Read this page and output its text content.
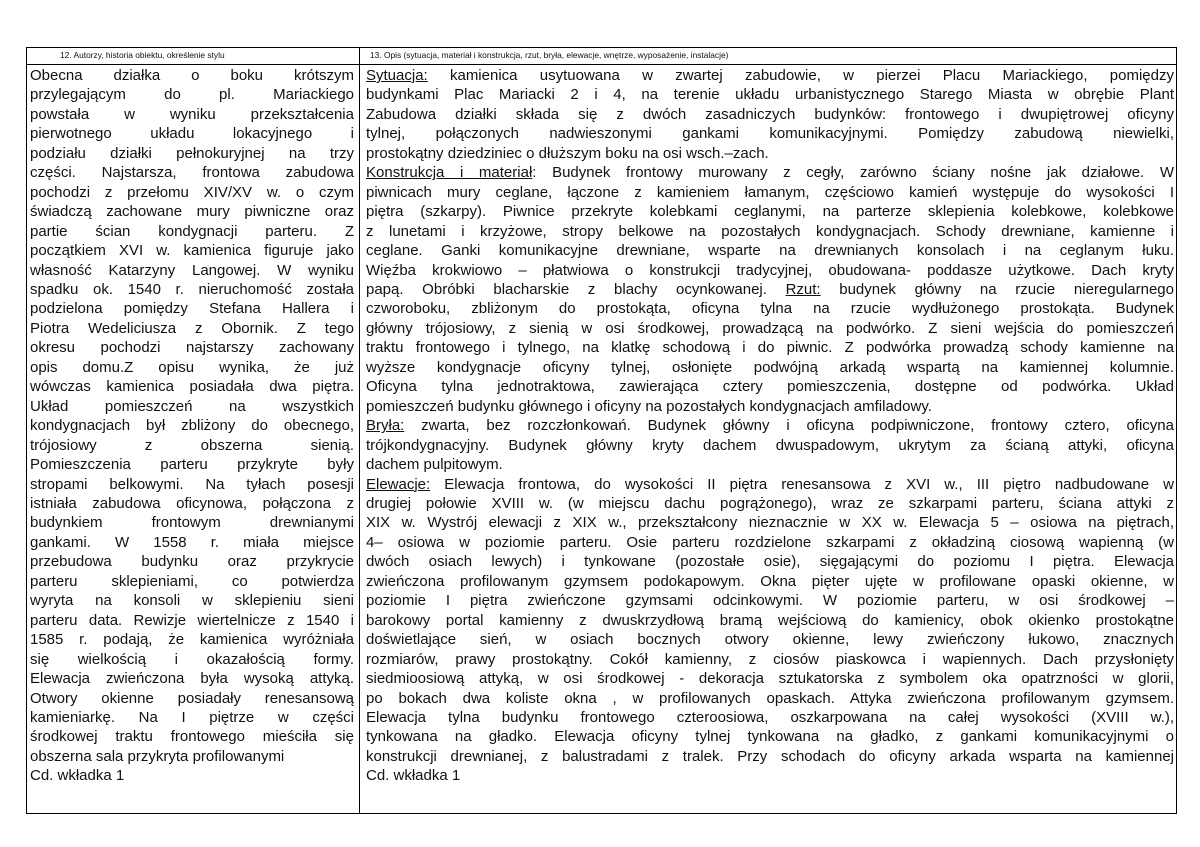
12. Autorzy, historia obiektu, określenie stylu	13. Opis (sytuacja, materiał i konstrukcja, rzut, bryła, elewacje, wnętrze, wyposażenie, instalacje)
Obecna działka o boku krótszym
przylegającym do pl. Mariackiego
powstała w wyniku przekształcenia
pierwotnego układu lokacyjnego i
podziału działki pełnokuryjnej na trzy
części. Najstarsza, frontowa zabudowa
pochodzi z przełomu XIV/XV w. o czym
świadczą zachowane mury piwniczne oraz
partie ścian kondygnacji parteru. Z
początkiem XVI w. kamienica figuruje jako
własność Katarzyny Langowej. W wyniku
spadku ok. 1540 r. nieruchomość została
podzielona pomiędzy Stefana Hallera i
Piotra Wedeliciusza z Obornik. Z tego
okresu pochodzi najstarszy zachowany
opis domu.Z opisu wynika, że już
wówczas kamienica posiadała dwa piętra.
Układ pomieszczeń na wszystkich
kondygnacjach był zbliżony do obecnego,
trójosiowy z obszerna sienią.
Pomieszczenia parteru przykryte były
stropami belkowymi. Na tyłach posesji
istniała zabudowa oficynowa, połączona z
budynkiem frontowym drewnianymi
gankami. W 1558 r. miała miejsce
przebudowa budynku oraz przykrycie
parteru sklepieniami, co potwierdza
wyryta na konsoli w sklepieniu sieni
parteru data. Rewizje wiertelnicze z 1540 i
1585 r. podają, że kamienica wyróżniała
się wielkością i okazałością formy.
Elewacja zwieńczona była wysoką attyką.
Otwory okienne posiadały renesansową
kamieniarkę. Na I piętrze w części
środkowej traktu frontowego mieściła się
obszerna sala przykryta profilowanymi
Cd. wkładka 1
Sytuacja: kamienica usytuowana w zwartej zabudowie, w pierzei Placu Mariackiego, pomiędzy
budynkami Plac Mariacki 2 i 4, na terenie układu urbanistycznego Starego Miasta w obrębie Plant
Zabudowa działki składa się z dwóch zasadniczych budynków: frontowego i dwupiętrowej oficyny
tylnej, połączonych nadwieszonymi gankami komunikacyjnymi. Pomiędzy zabudową niewielki,
prostokątny dziedziniec o dłuższym boku na osi wsch.–zach.
Konstrukcja i materiał: Budynek frontowy murowany z cegły, zarówno ściany nośne jak działowe. W
piwnicach mury ceglane, łączone z kamieniem łamanym, częściowo kamień występuje do wysokości I
piętra (szkarpy). Piwnice przekryte kolebkami ceglanymi, na parterze sklepienia kolebkowe, kolebkowe
z lunetami i krzyżowe, stropy belkowe na pozostałych kondygnacjach. Schody drewniane, kamienne i
ceglane. Ganki komunikacyjne drewniane, wsparte na drewnianych konsolach i na ceglanym łuku.
Więźba krokwiowo – płatwiowa o konstrukcji tradycyjnej, obudowana- poddasze użytkowe. Dach kryty
papą. Obróbki blacharskie z blachy ocynkowanej. Rzut: budynek główny na rzucie nieregularnego
czworoboku, zbliżonym do prostokąta, oficyna tylna na rzucie wydłużonego prostokąta. Budynek
główny trójosiowy, z sienią w osi środkowej, prowadzącą na podwórko. Z sieni wejścia do pomieszczeń
traktu frontowego i tylnego, na klatkę schodową i do piwnic. Z podwórka prowadzą schody kamienne na
wyższe kondygnacje oficyny tylnej, osłonięte podwójną arkadą wspartą na kamiennej kolumnie.
Oficyna tylna jednotraktowa, zawierająca cztery pomieszczenia, dostępne od podwórka. Układ
pomieszczeń budynku głównego i oficyny na pozostałych kondygnacjach amfiladowy.
Bryła: zwarta, bez rozczłonkowań. Budynek główny i oficyna podpiwniczone, frontowy cztero, oficyna
trójkondygnacyjny. Budynek główny kryty dachem dwuspadowym, ukrytym za ścianą attyki, oficyna
dachem pulpitowym.
Elewacje: Elewacja frontowa, do wysokości II piętra renesansowa z XVI w., III piętro nadbudowane w
drugiej połowie XVIII w. (w miejscu dachu pogrążonego), wraz ze szkarpami parteru, ściana attyki z
XIX w. Wystrój elewacji z XIX w., przekształcony nieznacznie w XX w. Elewacja 5 – osiowa na piętrach,
4– osiowa w poziomie parteru. Osie parteru rozdzielone szkarpami z okładziną ciosową wapienną (w
dwóch osiach lewych) i tynkowane (pozostałe osie), sięgającymi do poziomu I piętra. Elewacja
zwieńczona profilowanym gzymsem podokapowym. Okna pięter ujęte w profilowane opaski okienne, w
poziomie I piętra zwieńczone gzymsami odcinkowymi. W poziomie parteru, w osi środkowej –
barokowy portal kamienny z dwuskrzydłową bramą wejściową do kamienicy, obok okienko prostokątne
doświetlające sień, w osiach bocznych otwory okienne, lewy zwieńczony łukowo, znacznych
rozmiarów, prawy prostokątny. Cokół kamienny, z ciosów piaskowca i wapiennych. Dach przysłonięty
siedmioosiową attyką, w osi środkowej - dekoracja sztukatorska z symbolem oka opatrzności w glorii,
po bokach dwa koliste okna , w profilowanych opaskach. Attyka zwieńczona profilowanym gzymsem.
Elewacja tylna budynku frontowego czteroosiowa, oszkarpowana na całej wysokości (XVIII w.),
tynkowana na gładko. Elewacja oficyny tylnej tynkowana na gładko, z gankami komunikacyjnymi o
konstrukcji drewnianej, z balustradami z tralek. Przy schodach do oficyny arkada wsparta na kamiennej
Cd. wkładka 1
